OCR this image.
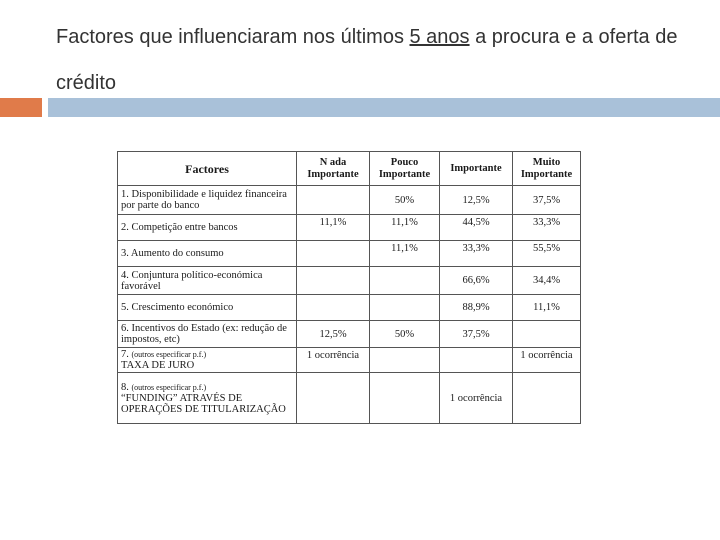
Factores que influenciaram nos últimos 5 anos a procura e a oferta de crédito
Factores	N ada Importante	Pouco Importante	Importante	Muito Importante
1. Disponibilidade e liquidez financeira por parte do banco		50%	12,5%	37,5%
2. Competição entre bancos	11,1%	11,1%	44,5%	33,3%
3. Aumento do consumo		11,1%	33,3%	55,5%
4. Conjuntura político-económica favorável			66,6%	34,4%
5. Crescimento económico			88,9%	11,1%
6. Incentivos do Estado (ex: redução de impostos, etc)	12,5%	50%	37,5%	
7. (outros especificar p.f.)
TAXA DE JURO	1 ocorrência			1 ocorrência
8. (outros especificar p.f.)
“FUNDING” ATRAVÉS DE OPERAÇÕES DE TITULARIZAÇÃO			1 ocorrência	
